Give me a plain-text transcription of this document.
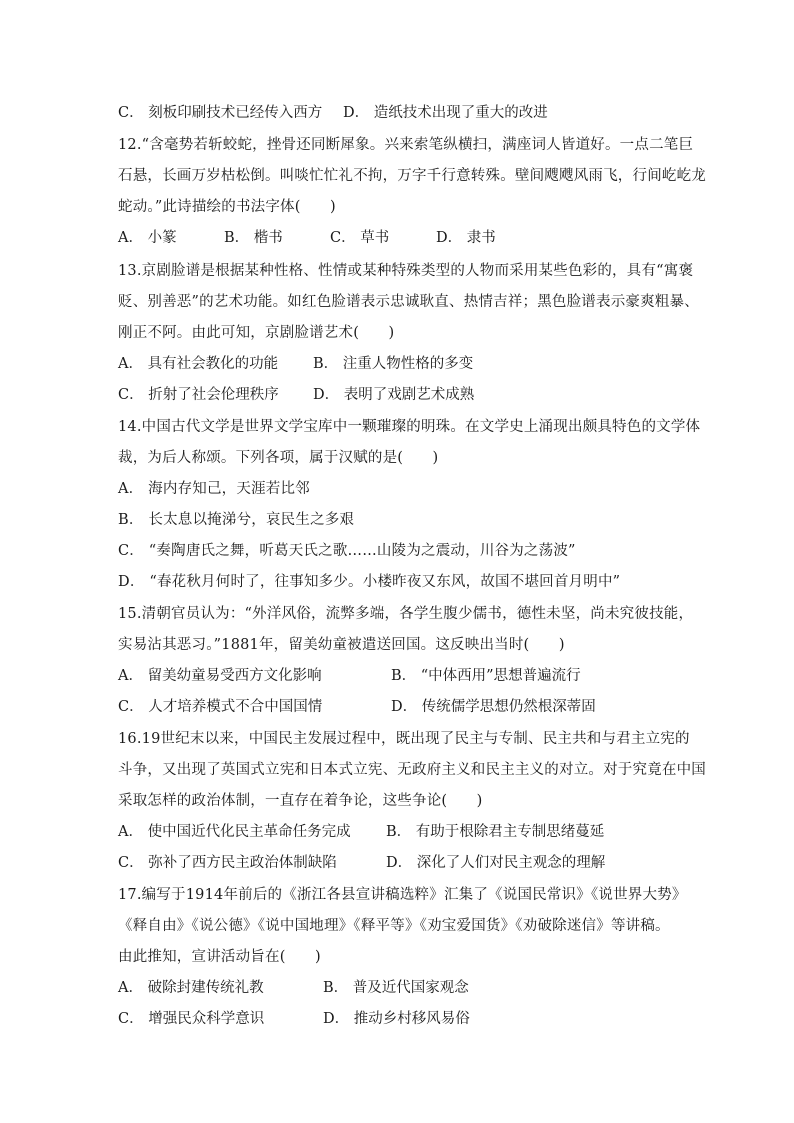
C． 刻板印刷技术已经传入西方 D． 造纸技术出现了重大的改进
12.“含毫势若斩蛟蛇，挫骨还同断犀象。兴来索笔纵横扫，满座词人皆道好。一点二笔巨
石悬，长画万岁枯松倒。叫啖忙忙礼不拘，万字千行意转殊。壁间飕飕风雨飞，行间屹屹龙
蛇动。”此诗描绘的书法字体(　　)
A． 小篆	B． 楷书	C． 草书	D． 隶书
13.京剧脸谱是根据某种性格、性情或某种特殊类型的人物而采用某些色彩的，具有“寓褒
贬、别善恶”的艺术功能。如红色脸谱表示忠诚耿直、热情吉祥；黑色脸谱表示豪爽粗暴、
刚正不阿。由此可知，京剧脸谱艺术(　　)
A． 具有社会教化的功能 B． 注重人物性格的多变
C． 折射了社会伦理秩序 D． 表明了戏剧艺术成熟
14.中国古代文学是世界文学宝库中一颗璀璨的明珠。在文学史上涌现出颇具特色的文学体
裁，为后人称颂。下列各项，属于汉赋的是(　　)
A． 海内存知己，天涯若比邻
B． 长太息以掩涕兮，哀民生之多艰
C． “奏陶唐氏之舞，听葛天氏之歌……山陵为之震动，川谷为之荡波”
D． “春花秋月何时了，往事知多少。小楼昨夜又东风，故国不堪回首月明中”
15.清朝官员认为：“外洋风俗，流弊多端，各学生腹少儒书，德性未坚，尚未究彼技能，
实易沾其恶习。”1881年，留美幼童被遣送回国。这反映出当时(　　)
A． 留美幼童易受西方文化影响	B． “中体西用”思想普遍流行
C． 人才培养模式不合中国国情	D． 传统儒学思想仍然根深蒂固
16.19世纪末以来，中国民主发展过程中，既出现了民主与专制、民主共和与君主立宪的
斗争，又出现了英国式立宪和日本式立宪、无政府主义和民主主义的对立。对于究竟在中国
采取怎样的政治体制，一直存在着争论，这些争论(　　)
A． 使中国近代化民主革命任务完成 B． 有助于根除君主专制思绪蔓延
C． 弥补了西方民主政治体制缺陷	D． 深化了人们对民主观念的理解
17.编写于1914年前后的《浙江各县宣讲稿选粹》汇集了《说国民常识》《说世界大势》
《释自由》《说公德》《说中国地理》《释平等》《劝宝爱国货》《劝破除迷信》等讲稿。
由此推知，宣讲活动旨在(　　)
A． 破除封建传统礼教	B． 普及近代国家观念
C． 增强民众科学意识	D． 推动乡村移风易俗
